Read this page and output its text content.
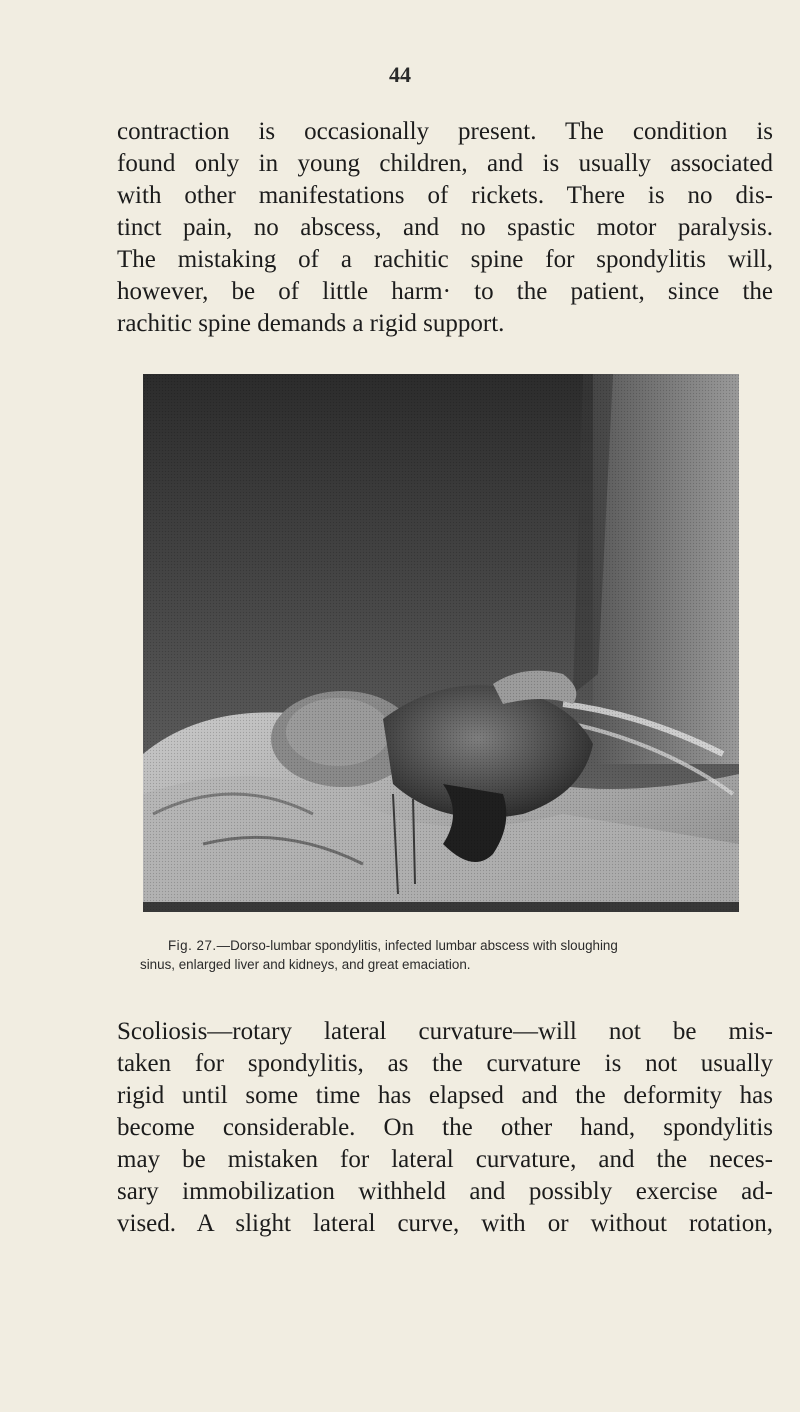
44
contraction is occasionally present. The condition is
found only in young children, and is usually associated
with other manifestations of rickets. There is no dis-
tinct pain, no abscess, and no spastic motor paralysis.
The mistaking of a rachitic spine for spondylitis will,
however, be of little harm· to the patient, since the
rachitic spine demands a rigid support.
Fig. 27.—Dorso-lumbar spondylitis, infected lumbar abscess with sloughing
sinus, enlarged liver and kidneys, and great emaciation.
Scoliosis—rotary lateral curvature—will not be mis-
taken for spondylitis, as the curvature is not usually
rigid until some time has elapsed and the deformity has
become considerable. On the other hand, spondylitis
may be mistaken for lateral curvature, and the neces-
sary immobilization withheld and possibly exercise ad-
vised. A slight lateral curve, with or without rotation,
